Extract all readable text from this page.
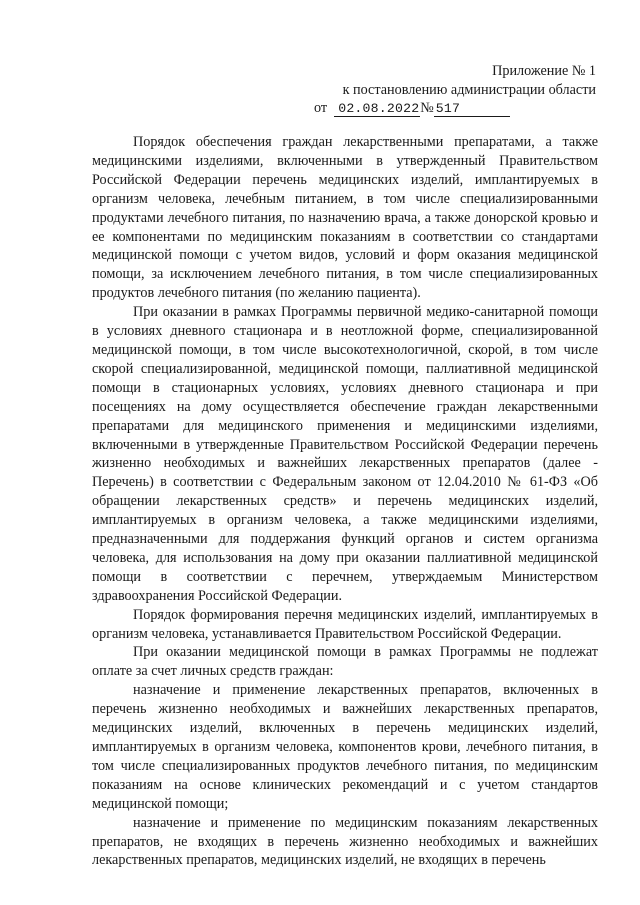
Приложение № 1
к постановлению администрации области
от 02.08.2022№ 517

Порядок обеспечения граждан лекарственными препаратами, а также медицинскими изделиями, включенными в утвержденный Правительством Российской Федерации перечень медицинских изделий, имплантируемых в организм человека, лечебным питанием, в том числе специализированными продуктами лечебного питания, по назначению врача, а также донорской кровью и ее компонентами по медицинским показаниям в соответствии со стандартами медицинской помощи с учетом видов, условий и форм оказания медицинской помощи, за исключением лечебного питания, в том числе специализированных продуктов лечебного питания (по желанию пациента).

При оказании в рамках Программы первичной медико-санитарной помощи в условиях дневного стационара и в неотложной форме, специализированной медицинской помощи, в том числе высокотехнологичной, скорой, в том числе скорой специализированной, медицинской помощи, паллиативной медицинской помощи в стационарных условиях, условиях дневного стационара и при посещениях на дому осуществляется обеспечение граждан лекарственными препаратами для медицинского применения и медицинскими изделиями, включенными в утвержденные Правительством Российской Федерации перечень жизненно необходимых и важнейших лекарственных препаратов (далее - Перечень) в соответствии с Федеральным законом от 12.04.2010 № 61-ФЗ «Об обращении лекарственных средств» и перечень медицинских изделий, имплантируемых в организм человека, а также медицинскими изделиями, предназначенными для поддержания функций органов и систем организма человека, для использования на дому при оказании паллиативной медицинской помощи в соответствии с перечнем, утверждаемым Министерством здравоохранения Российской Федерации.

Порядок формирования перечня медицинских изделий, имплантируемых в организм человека, устанавливается Правительством Российской Федерации.

При оказании медицинской помощи в рамках Программы не подлежат оплате за счет личных средств граждан:

назначение и применение лекарственных препаратов, включенных в перечень жизненно необходимых и важнейших лекарственных препаратов, медицинских изделий, включенных в перечень медицинских изделий, имплантируемых в организм человека, компонентов крови, лечебного питания, в том числе специализированных продуктов лечебного питания, по медицинским показаниям на основе клинических рекомендаций и с учетом стандартов медицинской помощи;

назначение и применение по медицинским показаниям лекарственных препаратов, не входящих в перечень жизненно необходимых и важнейших лекарственных препаратов, медицинских изделий, не входящих в перечень
